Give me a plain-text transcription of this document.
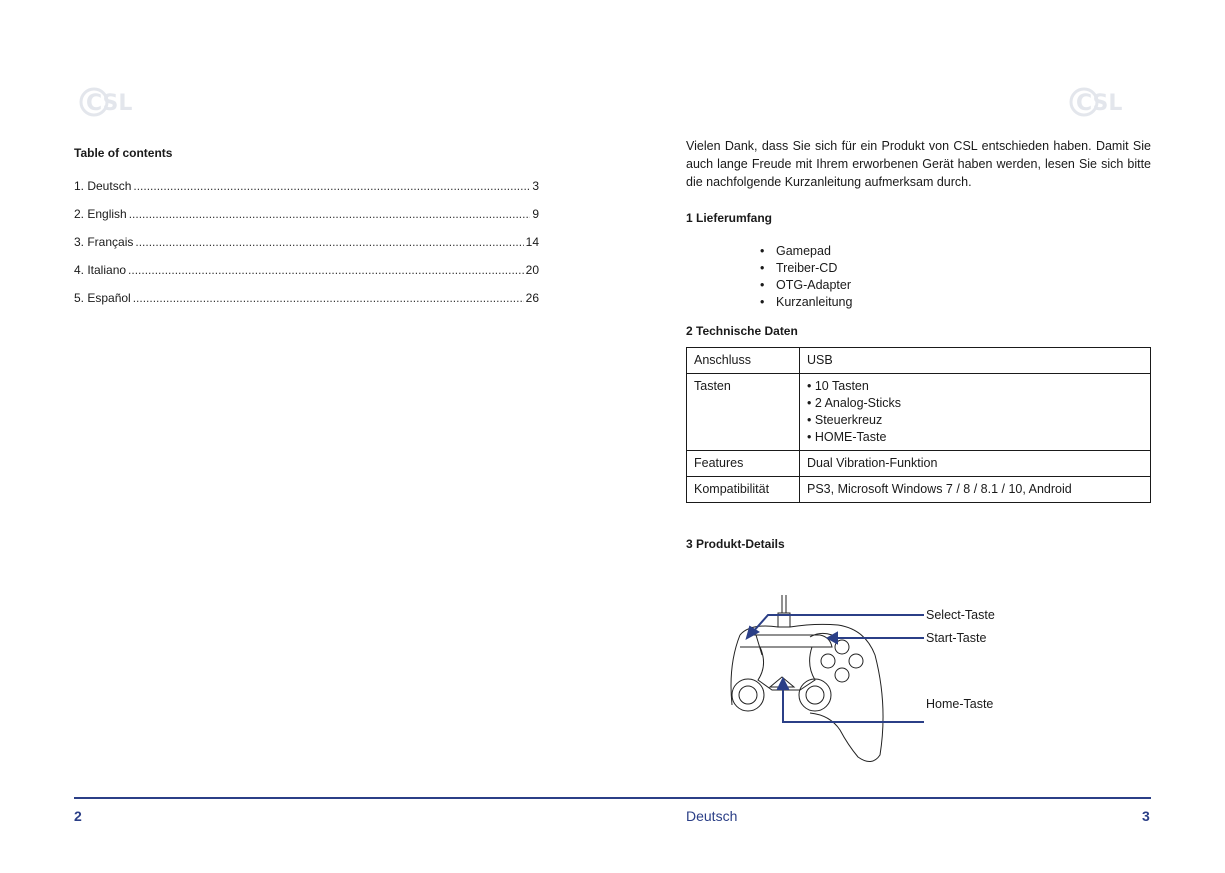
CSL	CSL
Table of contents
1. Deutsch .....	3
2. English .....	9
3. Français .....	14
4. Italiano .....	20
5. Español .....	26
Vielen Dank, dass Sie sich für ein Produkt von CSL entschieden haben. Damit Sie auch lange Freude mit Ihrem erworbenen Gerät haben werden, lesen Sie sich bitte die nachfolgende Kurzanleitung aufmerksam durch.
1 Lieferumfang
• Gamepad
• Treiber-CD
• OTG-Adapter
• Kurzanleitung
2 Technische Daten
Anschluss	USB
Tasten	• 10 Tasten
• 2 Analog-Sticks
• Steuerkreuz
• HOME-Taste

Features	Dual Vibration-Funktion
Kompatibilität	PS3, Microsoft Windows 7 / 8 / 8.1 / 10, Android
3 Produkt-Details
Select-Taste
Start-Taste
Home-Taste
2	Deutsch	3
